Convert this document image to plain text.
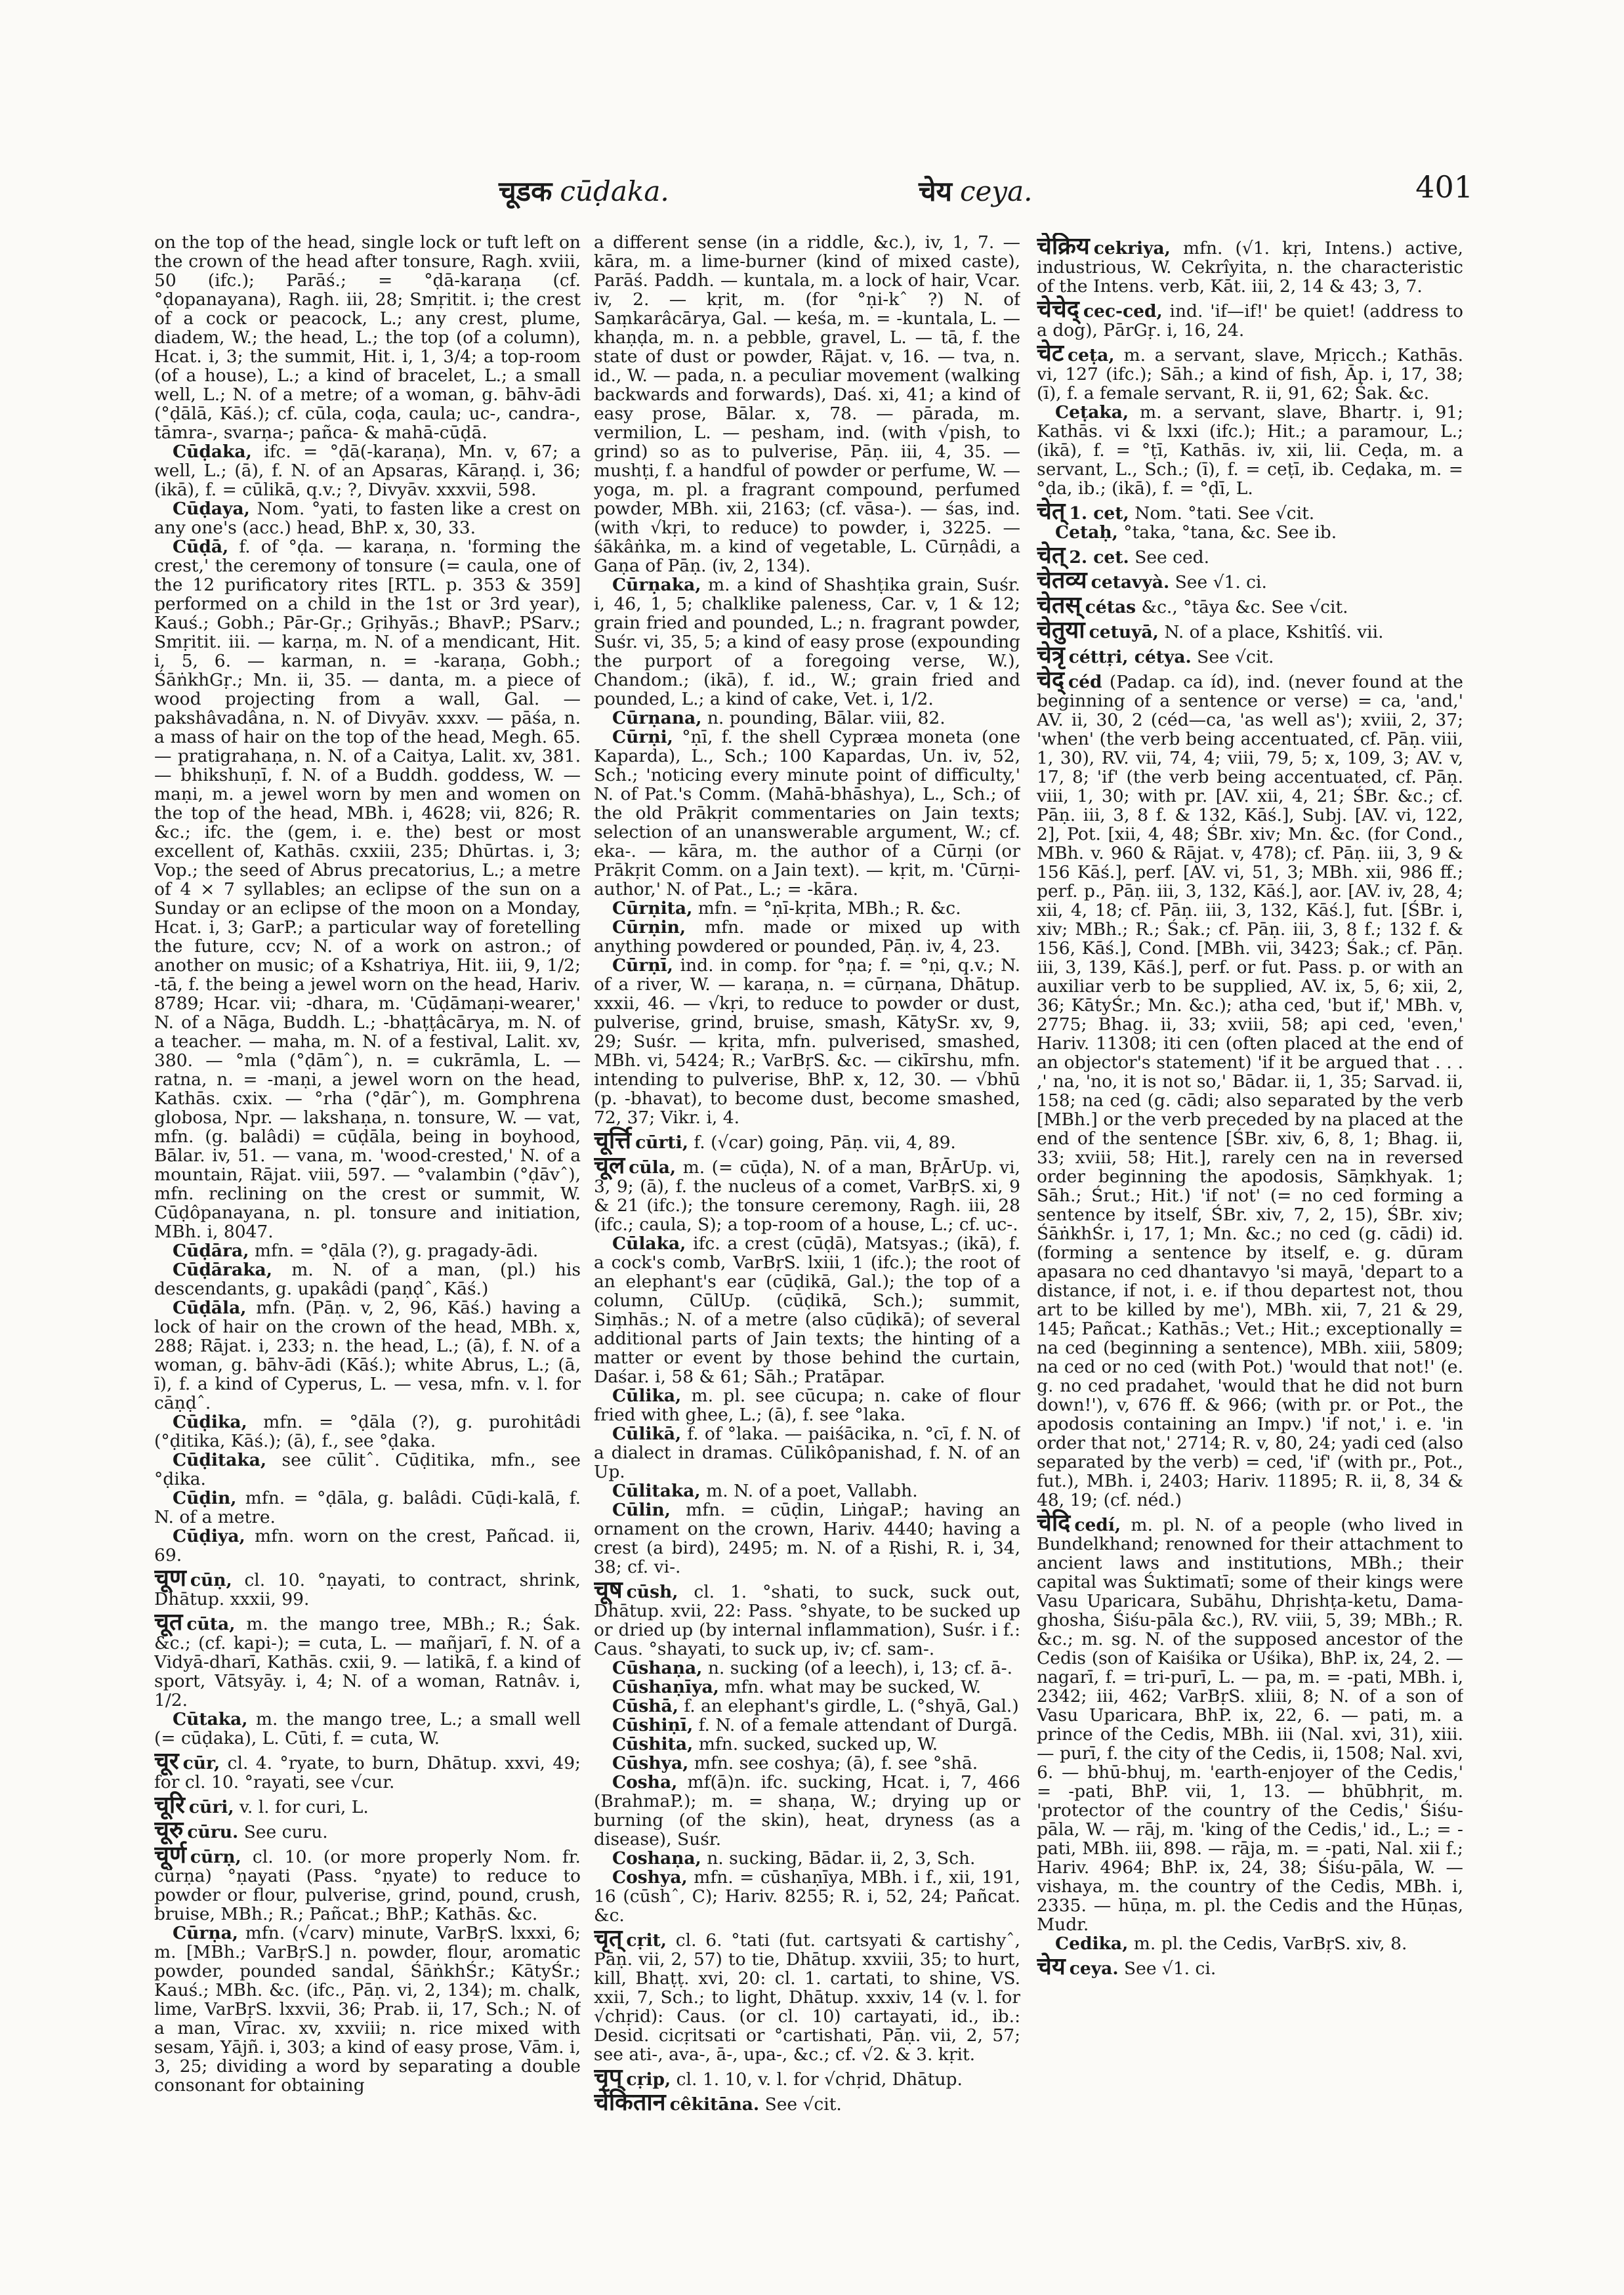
चूडक cūḍaka.	चेय ceya.	401

on the top of the head, single lock or tuft left on the crown of the head after tonsure, Ragh. xviii, 50 (ifc.); Parāś.; = °ḍā-karaṇa (cf. °ḍopanayana), Ragh. iii, 28; Smṛitit. i; the crest of a cock or peacock, L.; any crest, plume, diadem, W.; the head, L.; the top (of a column), Hcat. i, 3; the summit, Hit. i, 1, 3/4; a top-room (of a house), L.; a kind of bracelet, L.; a small well, L.; N. of a metre; of a woman, g. bāhv-ādi (°ḍālā, Kāś.); cf. cūla, coḍa, caula; uc-, candra-, tāmra-, svarṇa-; pañca- & mahā-cūḍā.

Cūḍaka, ifc. = °ḍā(-karaṇa), Mn. v, 67; a well, L.; (ā), f. N. of an Apsaras, Kāraṇḍ. i, 36; (ikā), f. = cūlikā, q.v.; ?, Divyāv. xxxvii, 598.

Cūḍaya, Nom. °yati, to fasten like a crest on any one's (acc.) head, BhP. x, 30, 33.

Cūḍā, f. of °ḍa. — karaṇa, n. 'forming the crest,' the ceremony of tonsure (= caula, one of the 12 purificatory rites [RTL. p. 353 & 359] performed on a child in the 1st or 3rd year), Kauś.; Gobh.; Pār-Gṛ.; Gṛihyās.; BhavP.; PSarv.; Smṛitit. iii. — karṇa, m. N. of a mendicant, Hit. i, 5, 6. — karman, n. = -karaṇa, Gobh.; ŚāṅkhGṛ.; Mn. ii, 35. — danta, m. a piece of wood projecting from a wall, Gal. — pakshâvadâna, n. N. of Divyāv. xxxv. — pāśa, n. a mass of hair on the top of the head, Megh. 65. — pratigrahaṇa, n. N. of a Caitya, Lalit. xv, 381. — bhikshuṇī, f. N. of a Buddh. goddess, W. — maṇi, m. a jewel worn by men and women on the top of the head, MBh. i, 4628; vii, 826; R. &c.; ifc. the (gem, i. e. the) best or most excellent of, Kathās. cxxiii, 235; Dhūrtas. i, 3; Vop.; the seed of Abrus precatorius, L.; a metre of 4 × 7 syllables; an eclipse of the sun on a Sunday or an eclipse of the moon on a Monday, Hcat. i, 3; GarP.; a particular way of foretelling the future, ccv; N. of a work on astron.; of another on music; of a Kshatriya, Hit. iii, 9, 1/2; -tā, f. the being a jewel worn on the head, Hariv. 8789; Hcar. vii; -dhara, m. 'Cūḍāmaṇi-wearer,' N. of a Nāga, Buddh. L.; -bhaṭṭâcārya, m. N. of a teacher. — maha, m. N. of a festival, Lalit. xv, 380. — °mla (°ḍāmˆ), n. = cukrāmla, L. — ratna, n. = -maṇi, a jewel worn on the head, Kathās. cxix. — °rha (°ḍārˆ), m. Gomphrena globosa, Npr. — lakshaṇa, n. tonsure, W. — vat, mfn. (g. balâdi) = cūḍāla, being in boyhood, Bālar. iv, 51. — vana, m. 'wood-crested,' N. of a mountain, Rājat. viii, 597. — °valambin (°ḍāvˆ), mfn. reclining on the crest or summit, W. Cūḍôpanayana, n. pl. tonsure and initiation, MBh. i, 8047.

Cūḍāra, mfn. = °ḍāla (?), g. pragady-ādi.

Cūḍāraka, m. N. of a man, (pl.) his descendants, g. upakâdi (paṇḍˆ, Kāś.)

Cūḍāla, mfn. (Pāṇ. v, 2, 96, Kāś.) having a lock of hair on the crown of the head, MBh. x, 288; Rājat. i, 233; n. the head, L.; (ā), f. N. of a woman, g. bāhv-ādi (Kāś.); white Abrus, L.; (ā, ī), f. a kind of Cyperus, L. — vesa, mfn. v. l. for cāṇḍˆ.

Cūḍika, mfn. = °ḍāla (?), g. purohitâdi (°ḍitika, Kāś.); (ā), f., see °ḍaka.

Cūḍitaka, see cūlitˆ. Cūḍitika, mfn., see °ḍika.

Cūḍin, mfn. = °ḍāla, g. balâdi. Cūḍi-kalā, f. N. of a metre.

Cūḍiya, mfn. worn on the crest, Pañcad. ii, 69.

चूण cūṇ, cl. 10. °ṇayati, to contract, shrink, Dhātup. xxxii, 99.

चूत cūta, m. the mango tree, MBh.; R.; Śak. &c.; (cf. kapi-); = cuta, L. — mañjarī, f. N. of a Vidyā-dharī, Kathās. cxii, 9. — latikā, f. a kind of sport, Vātsyāy. i, 4; N. of a woman, Ratnâv. i, 1/2.

Cūtaka, m. the mango tree, L.; a small well (= cūḍaka), L. Cūti, f. = cuta, W.

चूर cūr, cl. 4. °ryate, to burn, Dhātup. xxvi, 49; for cl. 10. °rayati, see √cur.

चूरि cūri, v. l. for curi, L.

चूरु cūru. See curu.

चूर्ण cūrṇ, cl. 10. (or more properly Nom. fr. cūrṇa) °ṇayati (Pass. °ṇyate) to reduce to powder or flour, pulverise, grind, pound, crush, bruise, MBh.; R.; Pañcat.; BhP.; Kathās. &c.

Cūrṇa, mfn. (√carv) minute, VarBṛS. lxxxi, 6; m. [MBh.; VarBṛS.] n. powder, flour, aromatic powder, pounded sandal, ŚāṅkhŚr.; KātyŚr.; Kauś.; MBh. &c. (ifc., Pāṇ. vi, 2, 134); m. chalk, lime, VarBṛS. lxxvii, 36; Prab. ii, 17, Sch.; N. of a man, Vīrac. xv, xxviii; n. rice mixed with sesam, Yājñ. i, 303; a kind of easy prose, Vām. i, 3, 25; dividing a word by separating a double consonant for obtaining

a different sense (in a riddle, &c.), iv, 1, 7. — kāra, m. a lime-burner (kind of mixed caste), Parāś. Paddh. — kuntala, m. a lock of hair, Vcar. iv, 2. — kṛit, m. (for °ṇi-kˆ ?) N. of Saṃkarâcārya, Gal. — keśa, m. = -kuntala, L. — khaṇḍa, m. n. a pebble, gravel, L. — tā, f. the state of dust or powder, Rājat. v, 16. — tva, n. id., W. — pada, n. a peculiar movement (walking backwards and forwards), Daś. xi, 41; a kind of easy prose, Bālar. x, 78. — pārada, m. vermilion, L. — pesham, ind. (with √pish, to grind) so as to pulverise, Pāṇ. iii, 4, 35. — mushṭi, f. a handful of powder or perfume, W. — yoga, m. pl. a fragrant compound, perfumed powder, MBh. xii, 2163; (cf. vāsa-). — śas, ind. (with √kṛi, to reduce) to powder, i, 3225. — śākâṅka, m. a kind of vegetable, L. Cūrṇâdi, a Gaṇa of Pāṇ. (iv, 2, 134).

Cūrṇaka, m. a kind of Shashṭika grain, Suśr. i, 46, 1, 5; chalklike paleness, Car. v, 1 & 12; grain fried and pounded, L.; n. fragrant powder, Suśr. vi, 35, 5; a kind of easy prose (expounding the purport of a foregoing verse, W.), Chandom.; (ikā), f. id., W.; grain fried and pounded, L.; a kind of cake, Vet. i, 1/2.

Cūrṇana, n. pounding, Bālar. viii, 82.

Cūrṇi, °ṇī, f. the shell Cypræa moneta (one Kaparda), L., Sch.; 100 Kapardas, Un. iv, 52, Sch.; 'noticing every minute point of difficulty,' N. of Pat.'s Comm. (Mahā-bhāshya), L., Sch.; of the old Prākṛit commentaries on Jain texts; selection of an unanswerable argument, W.; cf. eka-. — kāra, m. the author of a Cūrṇi (or Prākṛit Comm. on a Jain text). — kṛit, m. 'Cūrṇi-author,' N. of Pat., L.; = -kāra.

Cūrṇita, mfn. = °ṇī-kṛita, MBh.; R. &c.

Cūrṇin, mfn. made or mixed up with anything powdered or pounded, Pāṇ. iv, 4, 23.

Cūrṇī, ind. in comp. for °ṇa; f. = °ṇi, q.v.; N. of a river, W. — karaṇa, n. = cūrṇana, Dhātup. xxxii, 46. — √kṛi, to reduce to powder or dust, pulverise, grind, bruise, smash, KātySr. xv, 9, 29; Suśr. — kṛita, mfn. pulverised, smashed, MBh. vi, 5424; R.; VarBṛS. &c. — cikīrshu, mfn. intending to pulverise, BhP. x, 12, 30. — √bhū (p. -bhavat), to become dust, become smashed, 72, 37; Vikr. i, 4.

चूर्त्ति cūrti, f. (√car) going, Pāṇ. vii, 4, 89.

चूल cūla, m. (= cūḍa), N. of a man, BṛĀrUp. vi, 3, 9; (ā), f. the nucleus of a comet, VarBṛS. xi, 9 & 21 (ifc.); the tonsure ceremony, Ragh. iii, 28 (ifc.; caula, S); a top-room of a house, L.; cf. uc-.

Cūlaka, ifc. a crest (cūḍā), Matsyas.; (ikā), f. a cock's comb, VarBṛS. lxiii, 1 (ifc.); the root of an elephant's ear (cūḍikā, Gal.); the top of a column, CūlUp. (cūḍikā, Sch.); summit, Siṃhās.; N. of a metre (also cūḍikā); of several additional parts of Jain texts; the hinting of a matter or event by those behind the curtain, Daśar. i, 58 & 61; Sāh.; Pratāpar.

Cūlika, m. pl. see cūcupa; n. cake of flour fried with ghee, L.; (ā), f. see °laka.

Cūlikā, f. of °laka. — paiśācika, n. °cī, f. N. of a dialect in dramas. Cūlikôpanishad, f. N. of an Up.

Cūlitaka, m. N. of a poet, Vallabh.

Cūlin, mfn. = cūḍin, LiṅgaP.; having an ornament on the crown, Hariv. 4440; having a crest (a bird), 2495; m. N. of a Ṛishi, R. i, 34, 38; cf. vi-.

चूष cūsh, cl. 1. °shati, to suck, suck out, Dhātup. xvii, 22: Pass. °shyate, to be sucked up or dried up (by internal inflammation), Suśr. i f.: Caus. °shayati, to suck up, iv; cf. sam-.

Cūshaṇa, n. sucking (of a leech), i, 13; cf. ā-.

Cūshaṇīya, mfn. what may be sucked, W.

Cūshā, f. an elephant's girdle, L. (°shyā, Gal.)

Cūshiṇī, f. N. of a female attendant of Durgā.

Cūshita, mfn. sucked, sucked up, W.

Cūshya, mfn. see coshya; (ā), f. see °shā.

Cosha, mf(ā)n. ifc. sucking, Hcat. i, 7, 466 (BrahmaP.); m. = shaṇa, W.; drying up or burning (of the skin), heat, dryness (as a disease), Suśr.

Coshaṇa, n. sucking, Bādar. ii, 2, 3, Sch.

Coshya, mfn. = cūshaṇīya, MBh. i f., xii, 191, 16 (cūshˆ, C); Hariv. 8255; R. i, 52, 24; Pañcat. &c.

चृत् cṛit, cl. 6. °tati (fut. cartsyati & cartishyˆ, Pāṇ. vii, 2, 57) to tie, Dhātup. xxviii, 35; to hurt, kill, Bhaṭṭ. xvi, 20: cl. 1. cartati, to shine, VS. xxii, 7, Sch.; to light, Dhātup. xxxiv, 14 (v. l. for √chṛid): Caus. (or cl. 10) cartayati, id., ib.: Desid. cicṛitsati or °cartishati, Pāṇ. vii, 2, 57; see ati-, ava-, ā-, upa-, &c.; cf. √2. & 3. kṛit.

चृप् cṛip, cl. 1. 10, v. l. for √chṛid, Dhātup.

चेकितान cêkitāna. See √cit.

चेक्रिय cekriya, mfn. (√1. kṛi, Intens.) active, industrious, W. Cekrîyita, n. the characteristic of the Intens. verb, Kāt. iii, 2, 14 & 43; 3, 7.

चेचेद् cec-ced, ind. 'if—if!' be quiet! (address to a dog), PārGṛ. i, 16, 24.

चेट ceṭa, m. a servant, slave, Mṛicch.; Kathās. vi, 127 (ifc.); Sāh.; a kind of fish, Āp. i, 17, 38; (ī), f. a female servant, R. ii, 91, 62; Śak. &c.

Ceṭaka, m. a servant, slave, Bhartṛ. i, 91; Kathās. vi & lxxi (ifc.); Hit.; a paramour, L.; (ikā), f. = °ṭī, Kathās. iv, xii, lii. Ceḍa, m. a servant, L., Sch.; (ī), f. = ceṭī, ib. Ceḍaka, m. = °ḍa, ib.; (ikā), f. = °ḍī, L.

चेत् 1. cet, Nom. °tati. See √cit.

Cetaḥ, °taka, °tana, &c. See ib.

चेत् 2. cet. See ced.

चेतव्य cetavyà. See √1. ci.

चेतस् cétas &c., °tāya &c. See √cit.

चेतुया cetuyā, N. of a place, Kshitîś. vii.

चेत्रृ céttṛi, cétya. See √cit.

चेद् céd (Padap. ca íd), ind. (never found at the beginning of a sentence or verse) = ca, 'and,' AV. ii, 30, 2 (céd—ca, 'as well as'); xviii, 2, 37; 'when' (the verb being accentuated, cf. Pāṇ. viii, 1, 30), RV. vii, 74, 4; viii, 79, 5; x, 109, 3; AV. v, 17, 8; 'if' (the verb being accentuated, cf. Pāṇ. viii, 1, 30; with pr. [AV. xii, 4, 21; ŚBr. &c.; cf. Pāṇ. iii, 3, 8 f. & 132, Kāś.], Subj. [AV. vi, 122, 2], Pot. [xii, 4, 48; ŚBr. xiv; Mn. &c. (for Cond., MBh. v. 960 & Rājat. v, 478); cf. Pāṇ. iii, 3, 9 & 156 Kāś.], perf. [AV. vi, 51, 3; MBh. xii, 986 ff.; perf. p., Pāṇ. iii, 3, 132, Kāś.], aor. [AV. iv, 28, 4; xii, 4, 18; cf. Pāṇ. iii, 3, 132, Kāś.], fut. [ŚBr. i, xiv; MBh.; R.; Śak.; cf. Pāṇ. iii, 3, 8 f.; 132 f. & 156, Kāś.], Cond. [MBh. vii, 3423; Śak.; cf. Pāṇ. iii, 3, 139, Kāś.], perf. or fut. Pass. p. or with an auxiliar verb to be supplied, AV. ix, 5, 6; xii, 2, 36; KātyŚr.; Mn. &c.); atha ced, 'but if,' MBh. v, 2775; Bhag. ii, 33; xviii, 58; api ced, 'even,' Hariv. 11308; iti cen (often placed at the end of an objector's statement) 'if it be argued that . . . ,' na, 'no, it is not so,' Bādar. ii, 1, 35; Sarvad. ii, 158; na ced (g. cādi; also separated by the verb [MBh.] or the verb preceded by na placed at the end of the sentence [ŚBr. xiv, 6, 8, 1; Bhag. ii, 33; xviii, 58; Hit.], rarely cen na in reversed order beginning the apodosis, Sāṃkhyak. 1; Sāh.; Śrut.; Hit.) 'if not' (= no ced forming a sentence by itself, ŚBr. xiv, 7, 2, 15), ŚBr. xiv; ŚāṅkhŚr. i, 17, 1; Mn. &c.; no ced (g. cādi) id. (forming a sentence by itself, e. g. dūram apasara no ced dhantavyo 'si mayā, 'depart to a distance, if not, i. e. if thou departest not, thou art to be killed by me'), MBh. xii, 7, 21 & 29, 145; Pañcat.; Kathās.; Vet.; Hit.; exceptionally = na ced (beginning a sentence), MBh. xiii, 5809; na ced or no ced (with Pot.) 'would that not!' (e. g. no ced pradahet, 'would that he did not burn down!'), v, 676 ff. & 966; (with pr. or Pot., the apodosis containing an Impv.) 'if not,' i. e. 'in order that not,' 2714; R. v, 80, 24; yadi ced (also separated by the verb) = ced, 'if' (with pr., Pot., fut.), MBh. i, 2403; Hariv. 11895; R. ii, 8, 34 & 48, 19; (cf. néd.)

चेदि cedí, m. pl. N. of a people (who lived in Bundelkhand; renowned for their attachment to ancient laws and institutions, MBh.; their capital was Śuktimatī; some of their kings were Vasu Uparicara, Subāhu, Dhṛishṭa-ketu, Dama-ghosha, Śiśu-pāla &c.), RV. viii, 5, 39; MBh.; R. &c.; m. sg. N. of the supposed ancestor of the Cedis (son of Kaiśika or Uśika), BhP. ix, 24, 2. — nagarī, f. = tri-purī, L. — pa, m. = -pati, MBh. i, 2342; iii, 462; VarBṛS. xliii, 8; N. of a son of Vasu Uparicara, BhP. ix, 22, 6. — pati, m. a prince of the Cedis, MBh. iii (Nal. xvi, 31), xiii. — purī, f. the city of the Cedis, ii, 1508; Nal. xvi, 6. — bhū-bhuj, m. 'earth-enjoyer of the Cedis,' = -pati, BhP. vii, 1, 13. — bhūbhṛit, m. 'protector of the country of the Cedis,' Śiśu-pāla, W. — rāj, m. 'king of the Cedis,' id., L.; = -pati, MBh. iii, 898. — rāja, m. = -pati, Nal. xii f.; Hariv. 4964; BhP. ix, 24, 38; Śiśu-pāla, W. — vishaya, m. the country of the Cedis, MBh. i, 2335. — hūṇa, m. pl. the Cedis and the Hūṇas, Mudr.

Cedika, m. pl. the Cedis, VarBṛS. xiv, 8.

चेय ceya. See √1. ci.
